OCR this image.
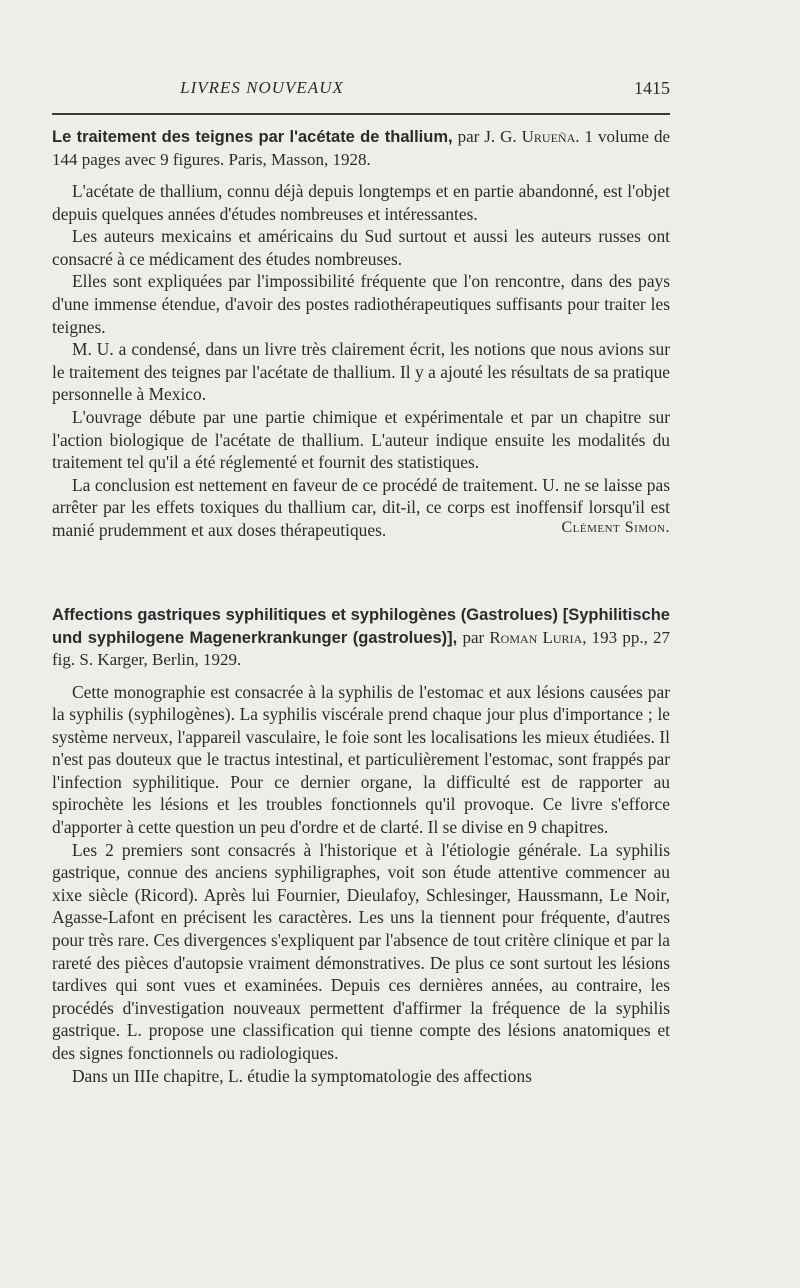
LIVRES NOUVEAUX	1415
Le traitement des teignes par l'acétate de thallium, par J. G. Urueña. 1 volume de 144 pages avec 9 figures. Paris, Masson, 1928.

L'acétate de thallium, connu déjà depuis longtemps et en partie abandonné, est l'objet depuis quelques années d'études nombreuses et intéressantes.

Les auteurs mexicains et américains du Sud surtout et aussi les auteurs russes ont consacré à ce médicament des études nombreuses.

Elles sont expliquées par l'impossibilité fréquente que l'on rencontre, dans des pays d'une immense étendue, d'avoir des postes radiothérapeutiques suffisants pour traiter les teignes.

M. U. a condensé, dans un livre très clairement écrit, les notions que nous avions sur le traitement des teignes par l'acétate de thallium. Il y a ajouté les résultats de sa pratique personnelle à Mexico.

L'ouvrage débute par une partie chimique et expérimentale et par un chapitre sur l'action biologique de l'acétate de thallium. L'auteur indique ensuite les modalités du traitement tel qu'il a été réglementé et fournit des statistiques.

La conclusion est nettement en faveur de ce procédé de traitement. U. ne se laisse pas arrêter par les effets toxiques du thallium car, dit-il, ce corps est inoffensif lorsqu'il est manié prudemment et aux doses thérapeutiques.	Clément Simon.
Affections gastriques syphilitiques et syphilogènes (Gastrolues) [Syphilitische und syphilogene Magenerkrankunger (gastrolues)], par Roman Luria, 193 pp., 27 fig. S. Karger, Berlin, 1929.

Cette monographie est consacrée à la syphilis de l'estomac et aux lésions causées par la syphilis (syphilogènes). La syphilis viscérale prend chaque jour plus d'importance ; le système nerveux, l'appareil vasculaire, le foie sont les localisations les mieux étudiées. Il n'est pas douteux que le tractus intestinal, et particulièrement l'estomac, sont frappés par l'infection syphilitique. Pour ce dernier organe, la difficulté est de rapporter au spirochète les lésions et les troubles fonctionnels qu'il provoque. Ce livre s'efforce d'apporter à cette question un peu d'ordre et de clarté. Il se divise en 9 chapitres.

Les 2 premiers sont consacrés à l'historique et à l'étiologie générale. La syphilis gastrique, connue des anciens syphiligraphes, voit son étude attentive commencer au xixe siècle (Ricord). Après lui Fournier, Dieulafoy, Schlesinger, Haussmann, Le Noir, Agasse-Lafont en précisent les caractères. Les uns la tiennent pour fréquente, d'autres pour très rare. Ces divergences s'expliquent par l'absence de tout critère clinique et par la rareté des pièces d'autopsie vraiment démonstratives. De plus ce sont surtout les lésions tardives qui sont vues et examinées. Depuis ces dernières années, au contraire, les procédés d'investigation nouveaux permettent d'affirmer la fréquence de la syphilis gastrique. L. propose une classification qui tienne compte des lésions anatomiques et des signes fonctionnels ou radiologiques.

Dans un IIIe chapitre, L. étudie la symptomatologie des affections
